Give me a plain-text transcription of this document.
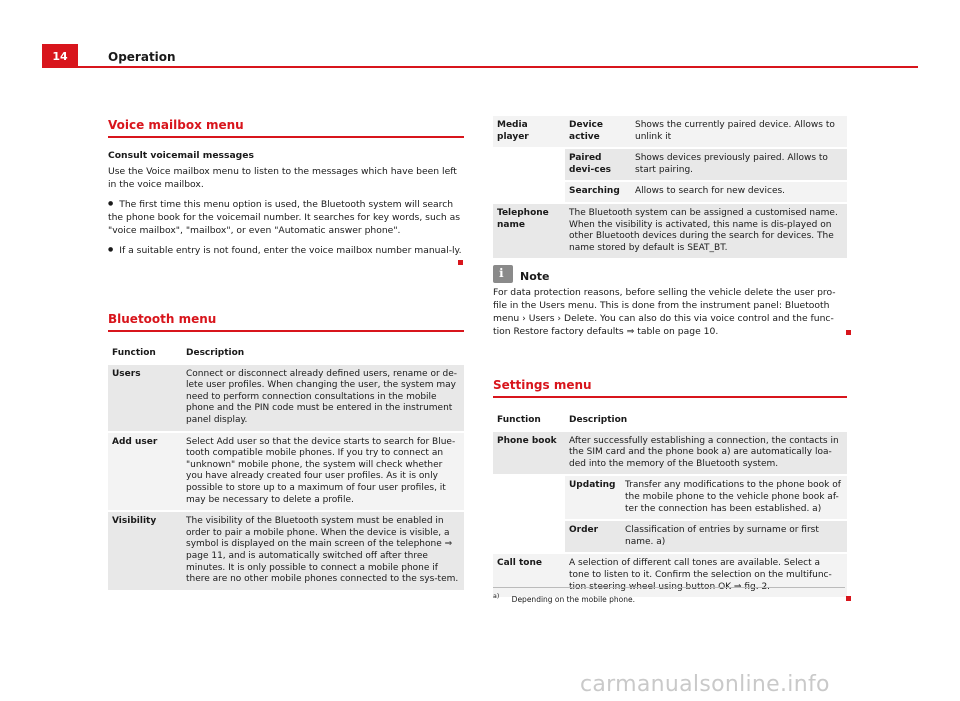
14	Operation
Voice mailbox menu

Consult voicemail messages

Use the Voice mailbox menu to listen to the messages which have been left in the voice mailbox.

● The first time this menu option is used, the Bluetooth system will search the phone book for the voicemail number. It searches for key words, such as "voice mailbox", "mailbox", or even "Automatic answer phone".

● If a suitable entry is not found, enter the voice mailbox number manual-ly.

Bluetooth menu
Function	Description
Users	Connect or disconnect already defined users, rename or de-lete user profiles. When changing the user, the system may need to perform connection consultations in the mobile phone and the PIN code must be entered in the instrument panel display.
Add user	Select Add user so that the device starts to search for Blue-tooth compatible mobile phones. If you try to connect an "unknown" mobile phone, the system will check whether you have already created four user profiles. As it is only possible to store up to a maximum of four user profiles, it may be necessary to delete a profile.
Visibility	The visibility of the Bluetooth system must be enabled in order to pair a mobile phone. When the device is visible, a symbol is displayed on the main screen of the telephone ⇒ page 11, and is automatically switched off after three minutes. It is only possible to connect a mobile phone if there are no other mobile phones connected to the sys-tem.
Media player	Device active	Shows the currently paired device. Allows to unlink it
	Paired devi-ces	Shows devices previously paired. Allows to start pairing.
	Searching	Allows to search for new devices.
Telephone name	The Bluetooth system can be assigned a customised name. When the visibility is activated, this name is dis-played on other Bluetooth devices during the search for devices. The name stored by default is SEAT_BT.	
ℹ
Note
For data protection reasons, before selling the vehicle delete the user pro-file in the Users menu. This is done from the instrument panel: Bluetooth menu › Users › Delete. You can also do this via voice control and the func-tion Restore factory defaults ⇒ table on page 10.
Settings menu
Function	Description	
Phone book	After successfully establishing a connection, the contacts in the SIM card and the phone book a) are automatically loa-ded into the memory of the Bluetooth system.	
	Updating	Transfer any modifications to the phone book of the mobile phone to the vehicle phone book af-ter the connection has been established. a)
	Order	Classification of entries by surname or first name. a)
Call tone	A selection of different call tones are available. Select a tone to listen to it. Confirm the selection on the multifunc-	
$^{a)}$ Depending on the mobile phone.
carmanualsonline.info
